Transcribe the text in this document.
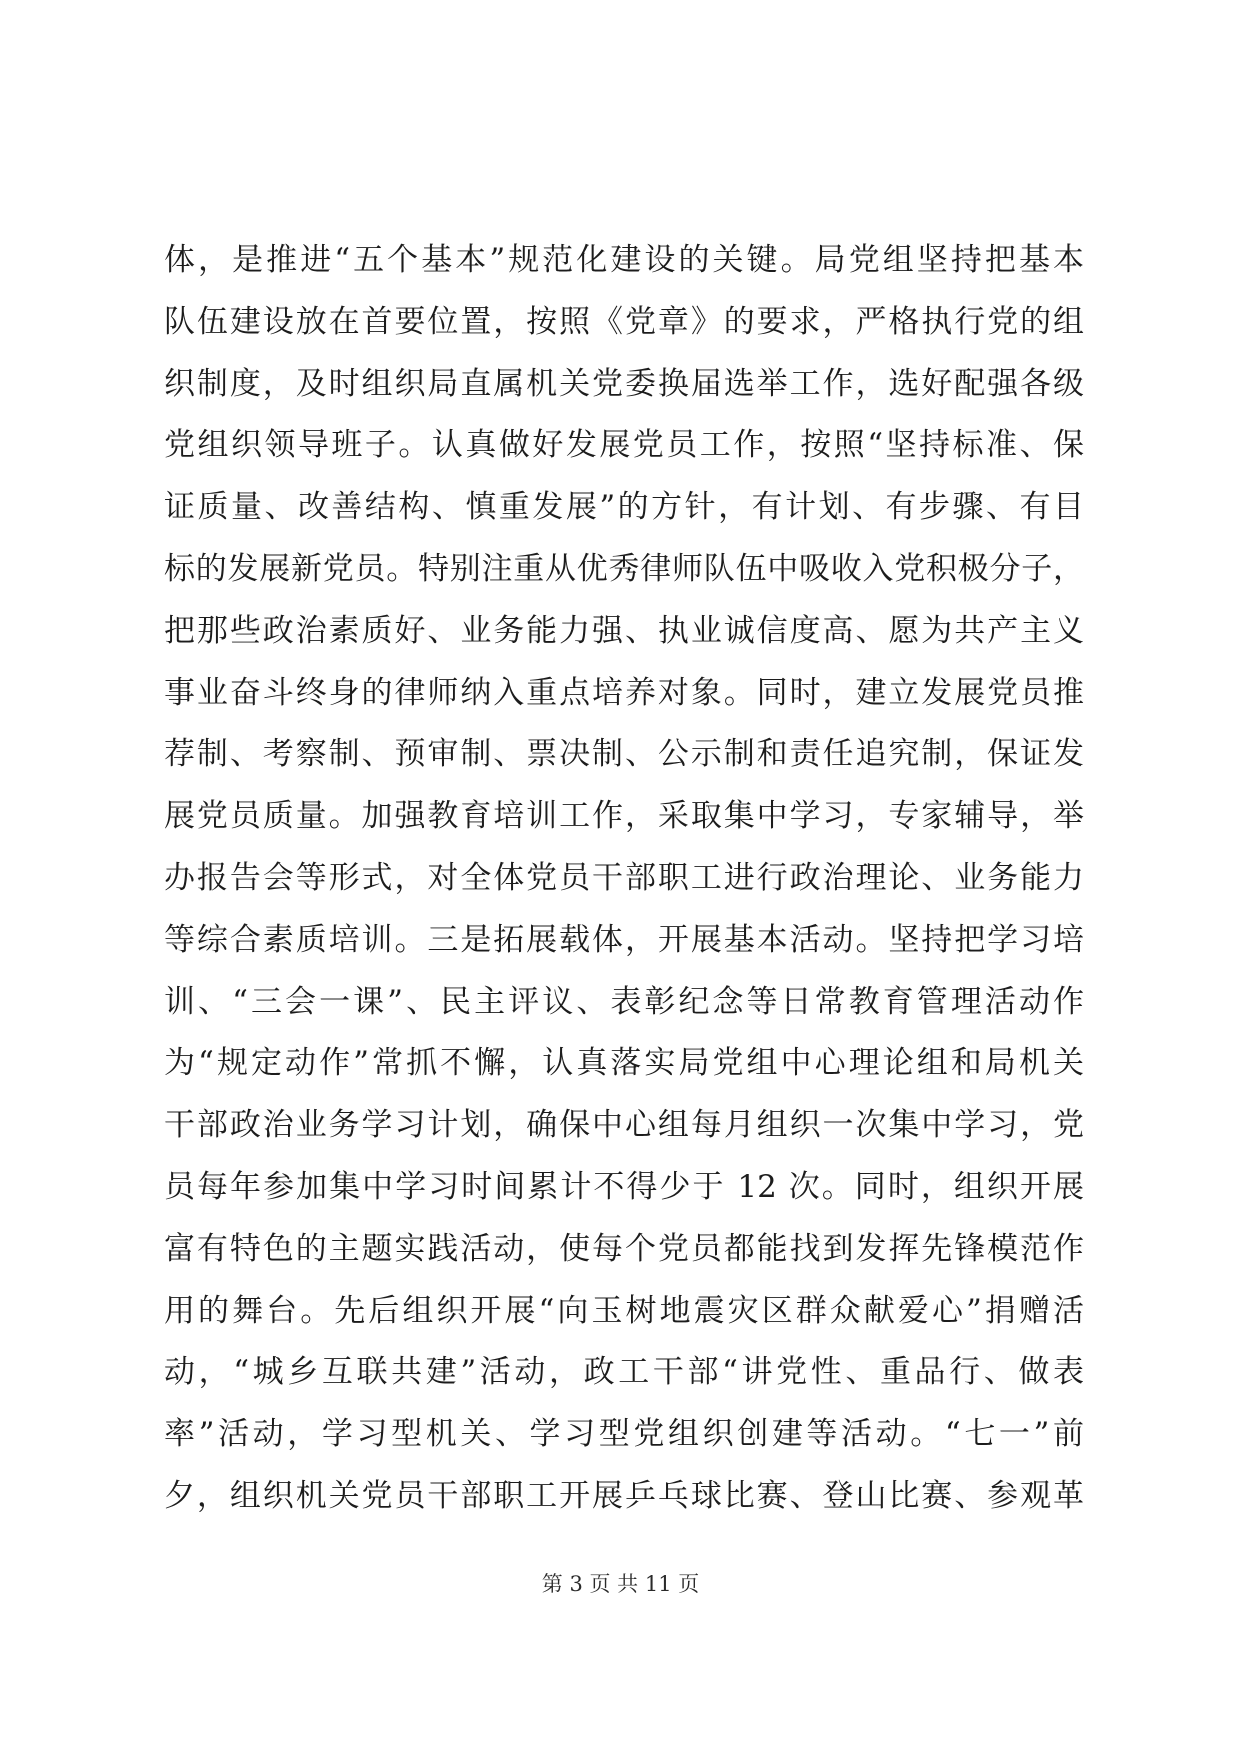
体，是推进“五个基本”规范化建设的关键。局党组坚持把基本
队伍建设放在首要位置，按照《党章》的要求，严格执行党的组
织制度，及时组织局直属机关党委换届选举工作，选好配强各级
党组织领导班子。认真做好发展党员工作，按照“坚持标准、保
证质量、改善结构、慎重发展”的方针，有计划、有步骤、有目
标的发展新党员。特别注重从优秀律师队伍中吸收入党积极分子，
把那些政治素质好、业务能力强、执业诚信度高、愿为共产主义
事业奋斗终身的律师纳入重点培养对象。同时，建立发展党员推
荐制、考察制、预审制、票决制、公示制和责任追究制，保证发
展党员质量。加强教育培训工作，采取集中学习，专家辅导，举
办报告会等形式，对全体党员干部职工进行政治理论、业务能力
等综合素质培训。三是拓展载体，开展基本活动。坚持把学习培
训、“三会一课”、民主评议、表彰纪念等日常教育管理活动作
为“规定动作”常抓不懈，认真落实局党组中心理论组和局机关
干部政治业务学习计划，确保中心组每月组织一次集中学习，党
员每年参加集中学习时间累计不得少于 12 次。同时，组织开展
富有特色的主题实践活动，使每个党员都能找到发挥先锋模范作
用的舞台。先后组织开展“向玉树地震灾区群众献爱心”捐赠活
动，“城乡互联共建”活动，政工干部“讲党性、重品行、做表
率”活动，学习型机关、学习型党组织创建等活动。“七一”前
夕，组织机关党员干部职工开展乒乓球比赛、登山比赛、参观革
第 3 页 共 11 页
